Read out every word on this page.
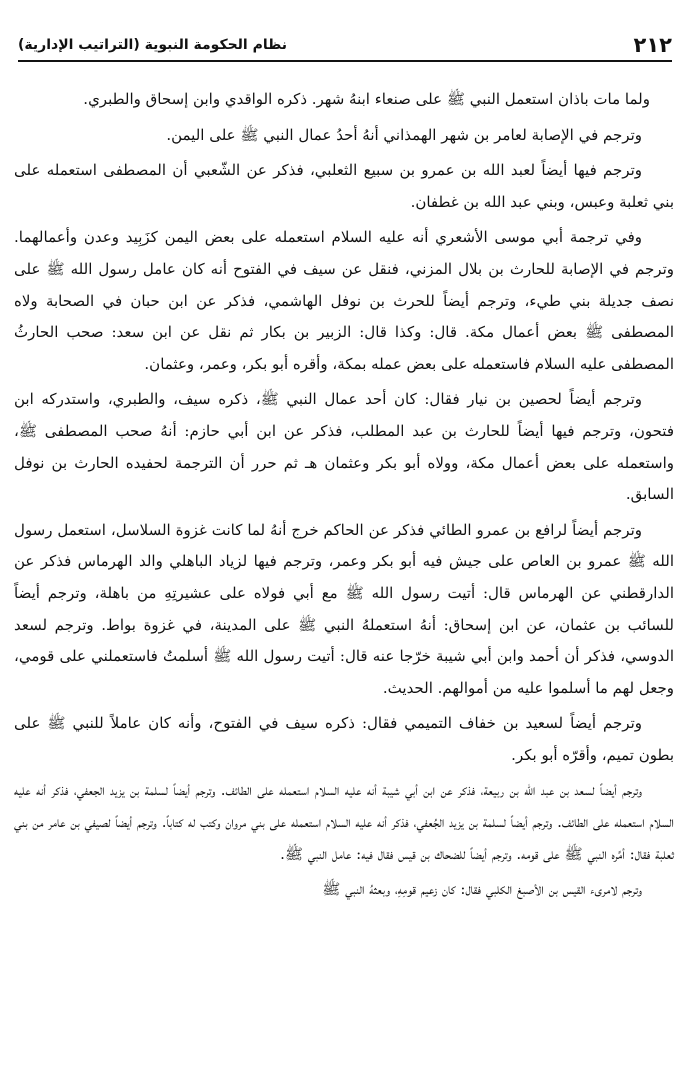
٢١٢
نظام الحكومة النبوية (التراتيب الإدارية)

ولما مات باذان استعمل النبي ﷺ على صنعاء ابنهُ شهر. ذكره الواقدي وابن إسحاق والطبري.

وترجم في الإصابة لعامر بن شهر الهمذاني أنهُ أحدُ عمال النبي ﷺ على اليمن.

وترجم فيها أيضاً لعبد الله بن عمرو بن سبيع الثعلبي، فذكر عن الشّعبي أن المصطفى استعمله على بني ثعلبة وعبس، وبني عبد الله بن غطفان.

وفي ترجمة أبي موسى الأشعري أنه عليه السلام استعمله على بعض اليمن كزَبِيد وعدن وأعمالهما. وترجم في الإصابة للحارث بن بلال المزني، فنقل عن سيف في الفتوح أنه كان عامل رسول الله ﷺ على نصف جديلة بني طيء، وترجم أيضاً للحرث بن نوفل الهاشمي، فذكر عن ابن حبان في الصحابة ولاه المصطفى ﷺ بعض أعمال مكة. قال: وكذا قال: الزبير بن بكار ثم نقل عن ابن سعد: صحب الحارثُ المصطفى عليه السلام فاستعمله على بعض عمله بمكة، وأقره أبو بكر، وعمر، وعثمان.

وترجم أيضاً لحصين بن نيار فقال: كان أحد عمال النبي ﷺ، ذكره سيف، والطبري، واستدركه ابن فتحون، وترجم فيها أيضاً للحارث بن عبد المطلب، فذكر عن ابن أبي حازم: أنهُ صحب المصطفى ﷺ، واستعمله على بعض أعمال مكة، وولاه أبو بكر وعثمان هـ ثم حرر أن الترجمة لحفيده الحارث بن نوفل السابق.

وترجم أيضاً لرافع بن عمرو الطائي فذكر عن الحاكم خرج أنهُ لما كانت غزوة السلاسل، استعمل رسول الله ﷺ عمرو بن العاص على جيش فيه أبو بكر وعمر، وترجم فيها لزياد الباهلي والد الهرماس فذكر عن الدارقطني عن الهرماس قال: أتيت رسول الله ﷺ مع أبي فولاه على عشيرتِهِ من باهلة، وترجم أيضاً للسائب بن عثمان، عن ابن إسحاق: أنهُ استعملهُ النبي ﷺ على المدينة، في غزوة بواط. وترجم لسعد الدوسي، فذكر أن أحمد وابن أبي شيبة خرّجا عنه قال: أتيت رسول الله ﷺ أسلمتُ فاستعملني على قومي، وجعل لهم ما أسلموا عليه من أموالهم. الحديث.

وترجم أيضاً لسعيد بن خفاف التميمي فقال: ذكره سيف في الفتوح، وأنه كان عاملاً للنبي ﷺ على بطون تميم، وأقرّه أبو بكر.

وترجم أيضاً لسعد بن عبد الله بن ربيعة، فذكر عن ابن أبي شيبة أنه عليه السلام استعمله على الطائف. وترجم أيضاً لسلمة بن يزيد الجعفي، فذكر أنه عليه السلام استعمله على الطائف. وترجم أيضاً لسلمة بن يزيد الجُعفي، فذكر أنه عليه السلام استعمله على بني مروان وكتب له كتاباً. وترجم أيضاً لصيفي بن عامر من بني ثعلبة فقال: أمَّره النبي ﷺ على قومه. وترجم أيضاً للضحاك بن قيس فقال فيه: عامل النبي ﷺ.

وترجم لامرىء القيس بن الأصبغ الكلبي فقال: كان زعيم قومِهِ، وبعثهُ النبي ﷺ
